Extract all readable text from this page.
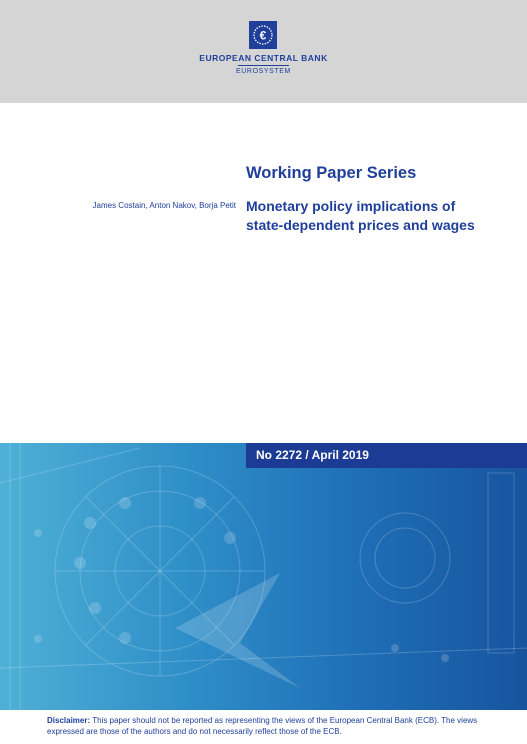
€
EUROPEAN CENTRAL BANK
EUROSYSTEM
Working Paper Series
James Costain, Anton Nakov, Borja Petit Monetary policy implications of
state-dependent prices and wages
No 2272 / April 2019
Disclaimer: This paper should not be reported as representing the views of the European Central Bank (ECB). The views expressed are those of the authors and do not necessarily reflect those of the ECB.
